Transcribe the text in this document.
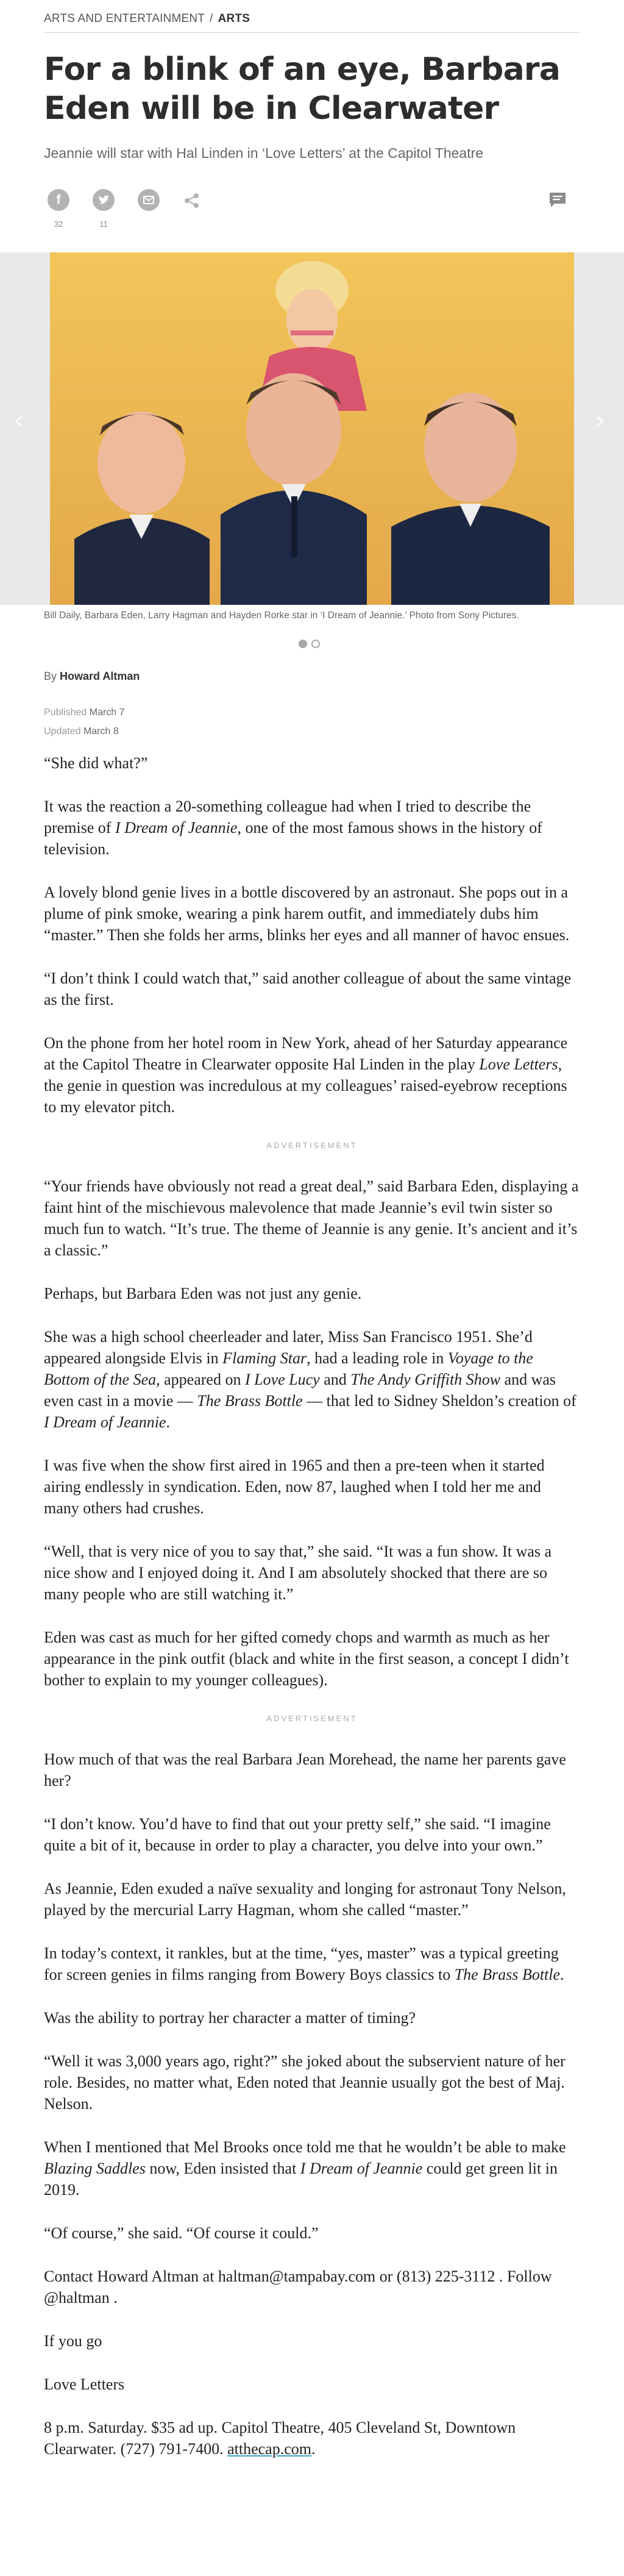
ARTS AND ENTERTAINMENT / ARTS
For a blink of an eye, Barbara Eden will be in Clearwater
Jeannie will star with Hal Linden in ‘Love Letters’ at the Capitol Theatre
f
32	11
‹	›
Bill Daily, Barbara Eden, Larry Hagman and Hayden Rorke star in ‘I Dream of Jeannie.’ Photo from Sony Pictures.
By Howard Altman
Published March 7
Updated March 8

“She did what?”

It was the reaction a 20-something colleague had when I tried to describe the premise of I Dream of Jeannie, one of the most famous shows in the history of television.

A lovely blond genie lives in a bottle discovered by an astronaut. She pops out in a plume of pink smoke, wearing a pink harem outfit, and immediately dubs him “master.” Then she folds her arms, blinks her eyes and all manner of havoc ensues.

“I don’t think I could watch that,” said another colleague of about the same vintage as the first.

On the phone from her hotel room in New York, ahead of her Saturday appearance at the Capitol Theatre in Clearwater opposite Hal Linden in the play Love Letters, the genie in question was incredulous at my colleagues’ raised-eyebrow receptions to my elevator pitch.

ADVERTISEMENT

“Your friends have obviously not read a great deal,” said Barbara Eden, displaying a faint hint of the mischievous malevolence that made Jeannie’s evil twin sister so much fun to watch. “It’s true. The theme of Jeannie is any genie. It’s ancient and it’s a classic.”

Perhaps, but Barbara Eden was not just any genie.

She was a high school cheerleader and later, Miss San Francisco 1951. She’d appeared alongside Elvis in Flaming Star, had a leading role in Voyage to the Bottom of the Sea, appeared on I Love Lucy and The Andy Griffith Show and was even cast in a movie — The Brass Bottle — that led to Sidney Sheldon’s creation of I Dream of Jeannie.

I was five when the show first aired in 1965 and then a pre-teen when it started airing endlessly in syndication. Eden, now 87, laughed when I told her me and many others had crushes.

“Well, that is very nice of you to say that,” she said. “It was a fun show. It was a nice show and I enjoyed doing it. And I am absolutely shocked that there are so many people who are still watching it.”

Eden was cast as much for her gifted comedy chops and warmth as much as her appearance in the pink outfit (black and white in the first season, a concept I didn’t bother to explain to my younger colleagues).

ADVERTISEMENT

How much of that was the real Barbara Jean Morehead, the name her parents gave her?

“I don’t know. You’d have to find that out your pretty self,” she said. “I imagine quite a bit of it, because in order to play a character, you delve into your own.”

As Jeannie, Eden exuded a naïve sexuality and longing for astronaut Tony Nelson, played by the mercurial Larry Hagman, whom she called “master.”

In today’s context, it rankles, but at the time, “yes, master” was a typical greeting for screen genies in films ranging from Bowery Boys classics to The Brass Bottle.

Was the ability to portray her character a matter of timing?

“Well it was 3,000 years ago, right?” she joked about the subservient nature of her role. Besides, no matter what, Eden noted that Jeannie usually got the best of Maj. Nelson.

When I mentioned that Mel Brooks once told me that he wouldn’t be able to make Blazing Saddles now, Eden insisted that I Dream of Jeannie could get green lit in 2019.

“Of course,” she said. “Of course it could.”

Contact Howard Altman at haltman@tampabay.com or (813) 225-3112 . Follow @haltman .

If you go

Love Letters

8 p.m. Saturday. $35 ad up. Capitol Theatre, 405 Cleveland St, Downtown Clearwater. (727) 791-7400. atthecap.com.
